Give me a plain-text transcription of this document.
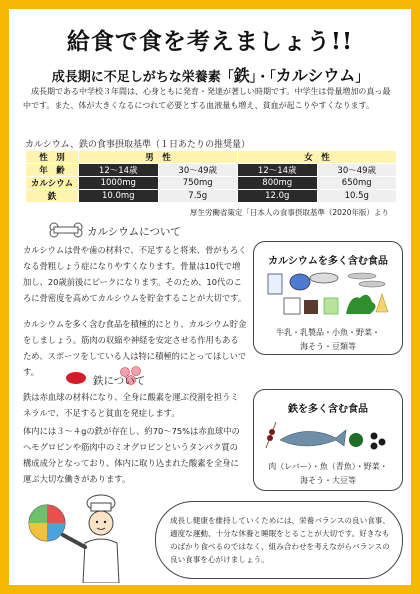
給食で食を考えましょう!!
成長期に不足しがちな栄養素「鉄」・「カルシウム」
成長期である中学校３年間は、心身ともに発育・発達が著しい時期です。中学生は骨量増加の真っ最中です。また、体が大きくなるにつれて必要とする血液量も増え、貧血が起こりやすくなります。
カルシウム、鉄の食事摂取基準（１日あたりの推奨量）
性　別	男　性		女　性	
年　齢	12～14歳	30～49歳	12～14歳	30～49歳
カルシウム	1000mg	750mg	800mg	650mg
鉄	10.0mg	7.5g	12.0g	10.5g
厚生労働省策定「日本人の食事摂取基準（2020年版）より
カルシウムについて
カルシウムは骨や歯の材料で、不足すると将来、骨がもろくなる骨粗しょう症になりやすくなります。骨量は10代で増加し、20歳前後にピークになります。そのため、10代のころに骨密度を高めてカルシウムを貯金することが大切です。
カルシウムを多く含む食品を積極的にとり、カルシウム貯金をしましょう。筋肉の収縮や神経を安定させる作用もあるため、スポーツをしている人は特に積極的にとってほしいです。
カルシウムを多く含む食品
牛乳・乳製品・小魚・野菜・
海そう・豆類等
鉄について
鉄は赤血球の材料になり、全身に酸素を運ぶ役割を担うミネラルで、不足すると貧血を発症します。
体内には３～４gの鉄が存在し、約70～75%は赤血球中のヘモグロビンや筋肉中のミオグロビンというタンパク質の構成成分となっており、体内に取り込まれた酸素を全身に運ぶ大切な働きがあります。
鉄を多く含む食品
肉（レバー）・魚（青魚）・野菜・
海そう・大豆等
成長し健康を維持していくためには、栄養バランスの良い食事、適度な運動、十分な休養と睡眠をとることが大切です。好きなものばかり食べるのではなく、組み合わせを考えながらバランスの良い食事を心がけましょう。
